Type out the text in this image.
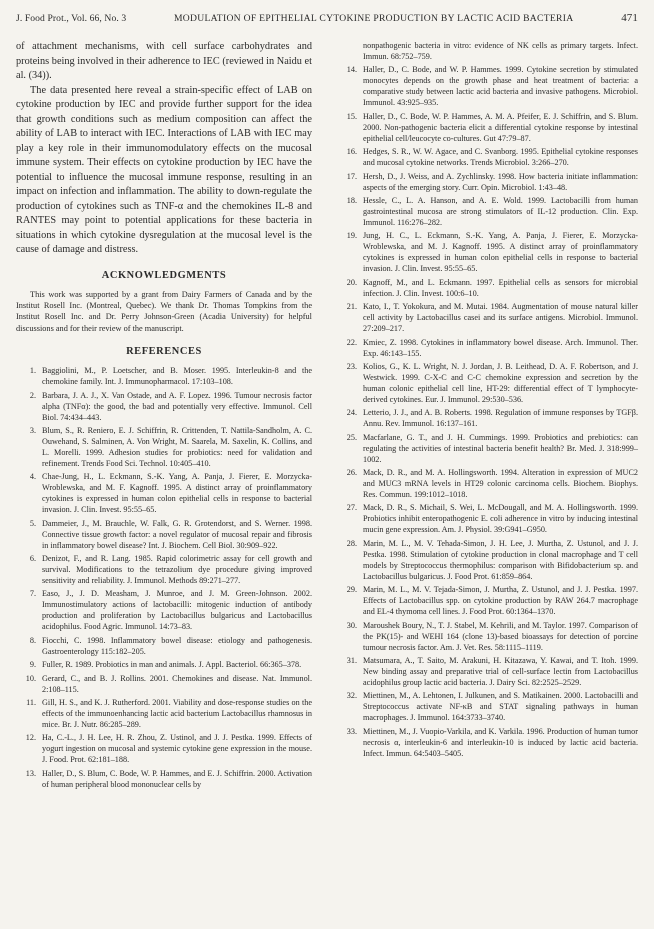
J. Food Prot., Vol. 66, No. 3	MODULATION OF EPITHELIAL CYTOKINE PRODUCTION BY LACTIC ACID BACTERIA	471

of attachment mechanisms, with cell surface carbohydrates and proteins being involved in their adherence to IEC (reviewed in Naidu et al. (34)).

The data presented here reveal a strain-specific effect of LAB on cytokine production by IEC and provide further support for the idea that growth conditions such as medium composition can affect the ability of LAB to interact with IEC. Interactions of LAB with IEC may play a key role in their immunomodulatory effects on the mucosal immune system. Their effects on cytokine production by IEC have the potential to influence the mucosal immune response, resulting in an impact on infection and inflammation. The ability to down-regulate the production of cytokines such as TNF-α and the chemokines IL-8 and RANTES may point to potential applications for these bacteria in situations in which cytokine dysregulation at the mucosal level is the cause of damage and distress.

ACKNOWLEDGMENTS

This work was supported by a grant from Dairy Farmers of Canada and by the Institut Rosell Inc. (Montreal, Quebec). We thank Dr. Thomas Tompkins from the Institut Rosell Inc. and Dr. Perry Johnson-Green (Acadia University) for helpful discussions and for their review of the manuscript.

REFERENCES
1. Baggiolini, M., P. Loetscher, and B. Moser. 1995. Interleukin-8 and the chemokine family. Int. J. Immunopharmacol. 17:103–108.
2. Barbara, J. A. J., X. Van Ostade, and A. F. Lopez. 1996. Tumour necrosis factor alpha (TNFα): the good, the bad and potentially very effective. Immunol. Cell Biol. 74:434–443.
3. Blum, S., R. Reniero, E. J. Schiffrin, R. Crittenden, T. Nattila-Sandholm, A. C. Ouwehand, S. Salminen, A. Von Wright, M. Saarela, M. Saxelin, K. Collins, and L. Morelli. 1999. Adhesion studies for probiotics: need for validation and refinement. Trends Food Sci. Technol. 10:405–410.
4. Chae-Jung, H., L. Eckmann, S.-K. Yang, A. Panja, J. Fierer, E. Morzycka-Wroblewska, and M. F. Kagnoff. 1995. A distinct array of proinflammatory cytokines is expressed in human colon epithelial cells in response to bacterial invasion. J. Clin. Invest. 95:55–65.
5. Dammeier, J., M. Brauchle, W. Falk, G. R. Grotendorst, and S. Werner. 1998. Connective tissue growth factor: a novel regulator of mucosal repair and fibrosis in inflammatory bowel disease? Int. J. Biochem. Cell Biol. 30:909–922.
6. Denizot, F., and R. Lang. 1985. Rapid colorimetric assay for cell growth and survival. Modifications to the tetrazolium dye procedure giving improved sensitivity and reliability. J. Immunol. Methods 89:271–277.
7. Easo, J., J. D. Measham, J. Munroe, and J. M. Green-Johnson. 2002. Immunostimulatory actions of lactobacilli: mitogenic induction of antibody production and proliferation by Lactobacillus bulgaricus and Lactobacillus acidophilus. Food Agric. Immunol. 14:73–83.
8. Fiocchi, C. 1998. Inflammatory bowel disease: etiology and pathogenesis. Gastroenterology 115:182–205.
9. Fuller, R. 1989. Probiotics in man and animals. J. Appl. Bacteriol. 66:365–378.
10. Gerard, C., and B. J. Rollins. 2001. Chemokines and disease. Nat. Immunol. 2:108–115.
11. Gill, H. S., and K. J. Rutherford. 2001. Viability and dose-response studies on the effects of the immunoenhancing lactic acid bacterium Lactobacillus rhamnosus in mice. Br. J. Nutr. 86:285–289.
12. Ha, C.-L., J. H. Lee, H. R. Zhou, Z. Ustinol, and J. J. Pestka. 1999. Effects of yogurt ingestion on mucosal and systemic cytokine gene expression in the mouse. J. Food. Prot. 62:181–188.
13. Haller, D., S. Blum, C. Bode, W. P. Hammes, and E. J. Schiffrin. 2000. Activation of human peripheral blood mononuclear cells by
nonpathogenic bacteria in vitro: evidence of NK cells as primary targets. Infect. Immun. 68:752–759.
14. Haller, D., C. Bode, and W. P. Hammes. 1999. Cytokine secretion by stimulated monocytes depends on the growth phase and heat treatment of bacteria: a comparative study between lactic acid bacteria and invasive pathogens. Microbiol. Immunol. 43:925–935.
15. Haller, D., C. Bode, W. P. Hammes, A. M. A. Pfeifer, E. J. Schiffrin, and S. Blum. 2000. Non-pathogenic bacteria elicit a differential cytokine response by intestinal epithelial cell/leucocyte co-cultures. Gut 47:79–87.
16. Hedges, S. R., W. W. Agace, and C. Svanborg. 1995. Epithelial cytokine responses and mucosal cytokine networks. Trends Microbiol. 3:266–270.
17. Hersh, D., J. Weiss, and A. Zychlinsky. 1998. How bacteria initiate inflammation: aspects of the emerging story. Curr. Opin. Microbiol. 1:43–48.
18. Hessle, C., L. A. Hanson, and A. E. Wold. 1999. Lactobacilli from human gastrointestinal mucosa are strong stimulators of IL-12 production. Clin. Exp. Immunol. 116:276–282.
19. Jung, H. C., L. Eckmann, S.-K. Yang, A. Panja, J. Fierer, E. Morzycka-Wroblewska, and M. J. Kagnoff. 1995. A distinct array of proinflammatory cytokines is expressed in human colon epithelial cells in response to bacterial invasion. J. Clin. Invest. 95:55–65.
20. Kagnoff, M., and L. Eckmann. 1997. Epithelial cells as sensors for microbial infection. J. Clin. Invest. 100:6–10.
21. Kato, I., T. Yokokura, and M. Mutai. 1984. Augmentation of mouse natural killer cell activity by Lactobacillus casei and its surface antigens. Microbiol. Immunol. 27:209–217.
22. Kmiec, Z. 1998. Cytokines in inflammatory bowel disease. Arch. Immunol. Ther. Exp. 46:143–155.
23. Kolios, G., K. L. Wright, N. J. Jordan, J. B. Leithead, D. A. F. Robertson, and J. Westwick. 1999. C-X-C and C-C chemokine expression and secretion by the human colonic epithelial cell line, HT-29: differential effect of T lymphocyte-derived cytokines. Eur. J. Immunol. 29:530–536.
24. Letterio, J. J., and A. B. Roberts. 1998. Regulation of immune responses by TGFβ. Annu. Rev. Immunol. 16:137–161.
25. Macfarlane, G. T., and J. H. Cummings. 1999. Probiotics and prebiotics: can regulating the activities of intestinal bacteria benefit health? Br. Med. J. 318:999–1002.
26. Mack, D. R., and M. A. Hollingsworth. 1994. Alteration in expression of MUC2 and MUC3 mRNA levels in HT29 colonic carcinoma cells. Biochem. Biophys. Res. Commun. 199:1012–1018.
27. Mack, D. R., S. Michail, S. Wei, L. McDougall, and M. A. Hollingsworth. 1999. Probiotics inhibit enteropathogenic E. coli adherence in vitro by inducing intestinal mucin gene expression. Am. J. Physiol. 39:G941–G950.
28. Marin, M. L., M. V. Tehada-Simon, J. H. Lee, J. Murtha, Z. Ustunol, and J. J. Pestka. 1998. Stimulation of cytokine production in clonal macrophage and T cell models by Streptococcus thermophilus: comparison with Bifidobacterium sp. and Lactobacillus bulgaricus. J. Food Prot. 61:859–864.
29. Marin, M. L., M. V. Tejada-Simon, J. Murtha, Z. Ustunol, and J. J. Pestka. 1997. Effects of Lactobacillus spp. on cytokine production by RAW 264.7 macrophage and EL-4 thymoma cell lines. J. Food Prot. 60:1364–1370.
30. Maroushek Boury, N., T. J. Stabel, M. Kehrili, and M. Taylor. 1997. Comparison of the PK(15)- and WEHI 164 (clone 13)-based bioassays for detection of porcine tumour necrosis factor. Am. J. Vet. Res. 58:1115–1119.
31. Matsumara, A., T. Saito, M. Arakuni, H. Kitazawa, Y. Kawai, and T. Itoh. 1999. New binding assay and preparative trial of cell-surface lectin from Lactobacillus acidophilus group lactic acid bacteria. J. Dairy Sci. 82:2525–2529.
32. Miettinen, M., A. Lehtonen, I. Julkunen, and S. Matikainen. 2000. Lactobacilli and Streptococcus activate NF-κB and STAT signaling pathways in human macrophages. J. Immunol. 164:3733–3740.
33. Miettinen, M., J. Vuopio-Varkila, and K. Varkila. 1996. Production of human tumor necrosis α, interleukin-6 and interleukin-10 is induced by lactic acid bacteria. Infect. Immun. 64:5403–5405.
